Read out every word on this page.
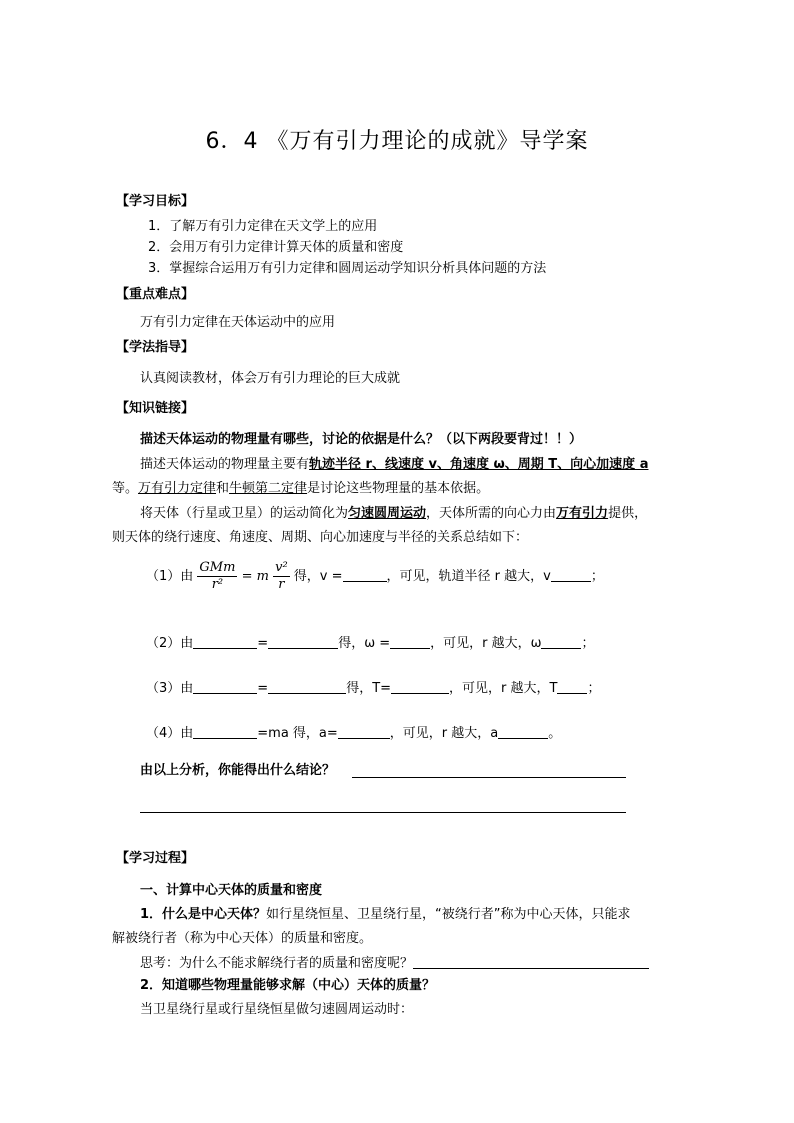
6．4 《万有引力理论的成就》导学案
【学习目标】
1．了解万有引力定律在天文学上的应用
2．会用万有引力定律计算天体的质量和密度
3．掌握综合运用万有引力定律和圆周运动学知识分析具体问题的方法
【重点难点】
万有引力定律在天体运动中的应用
【学法指导】
认真阅读教材，体会万有引力理论的巨大成就
【知识链接】
描述天体运动的物理量有哪些，讨论的依据是什么？（以下两段要背过！！）
描述天体运动的物理量主要有轨迹半径 r、线速度 v、角速度 ω、周期 T、向心加速度 a
等。万有引力定律和牛顿第二定律是讨论这些物理量的基本依据。
将天体（行星或卫星）的运动简化为匀速圆周运动，天体所需的向心力由万有引力提供，
则天体的绕行速度、角速度、周期、向心加速度与半径的关系总结如下：
（1）由 $\frac{\text{GMm}}{\text{r²}} = m \frac{\text{v²}}{r}$ 得，v =	，可见，轨道半径 r 越大，v	；
（2）由	=	得，ω =	，可见，r 越大，ω	；
（3）由	=	得，T=	，可见，r 越大，T ；
（4）由	=ma 得，a=	，可见，r 越大，a	。
由以上分析，你能得出什么结论？
【学习过程】
一、计算中心天体的质量和密度
1．什么是中心天体？如行星绕恒星、卫星绕行星，“被绕行者”称为中心天体，只能求
解被绕行者（称为中心天体）的质量和密度。
思考：为什么不能求解绕行者的质量和密度呢？
2．知道哪些物理量能够求解（中心）天体的质量？
当卫星绕行星或行星绕恒星做匀速圆周运动时：
